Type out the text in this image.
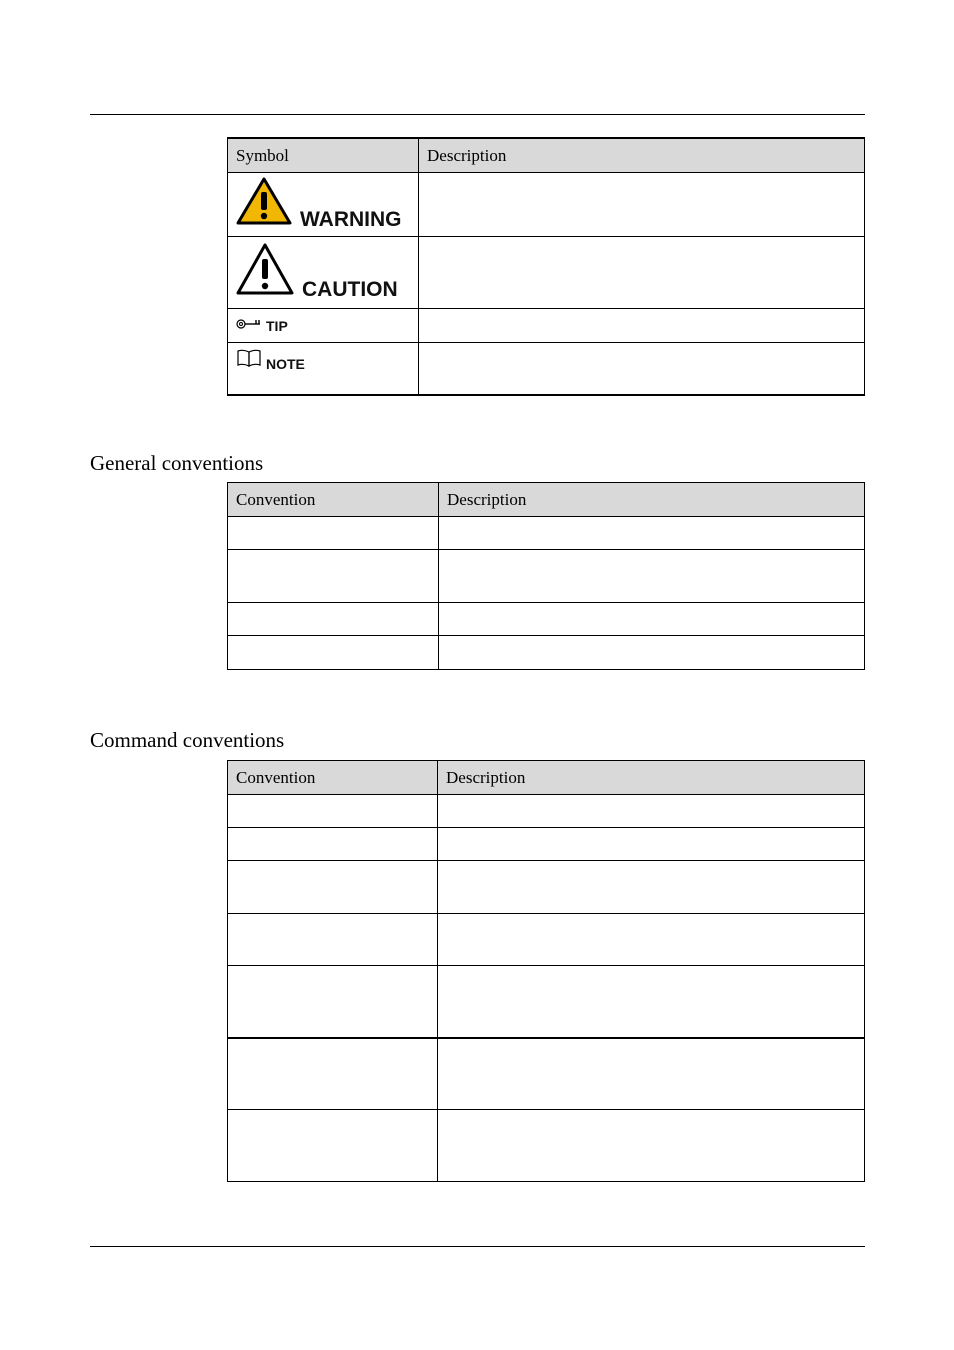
Symbol	Description

WARNING	

CAUTION	

TIP	

NOTE	

General conventions
Convention	Description

Command conventions
Convention	Description
